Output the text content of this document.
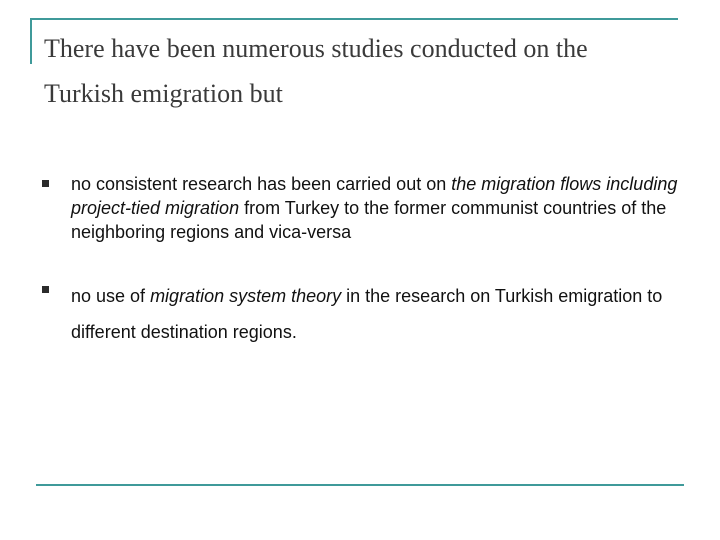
There have been numerous studies conducted on the Turkish emigration but
no consistent research has been carried out on the migration flows including project-tied migration from Turkey to the former communist countries of the neighboring regions and vica-versa
no use of migration system theory in the research on Turkish emigration to different destination regions.
